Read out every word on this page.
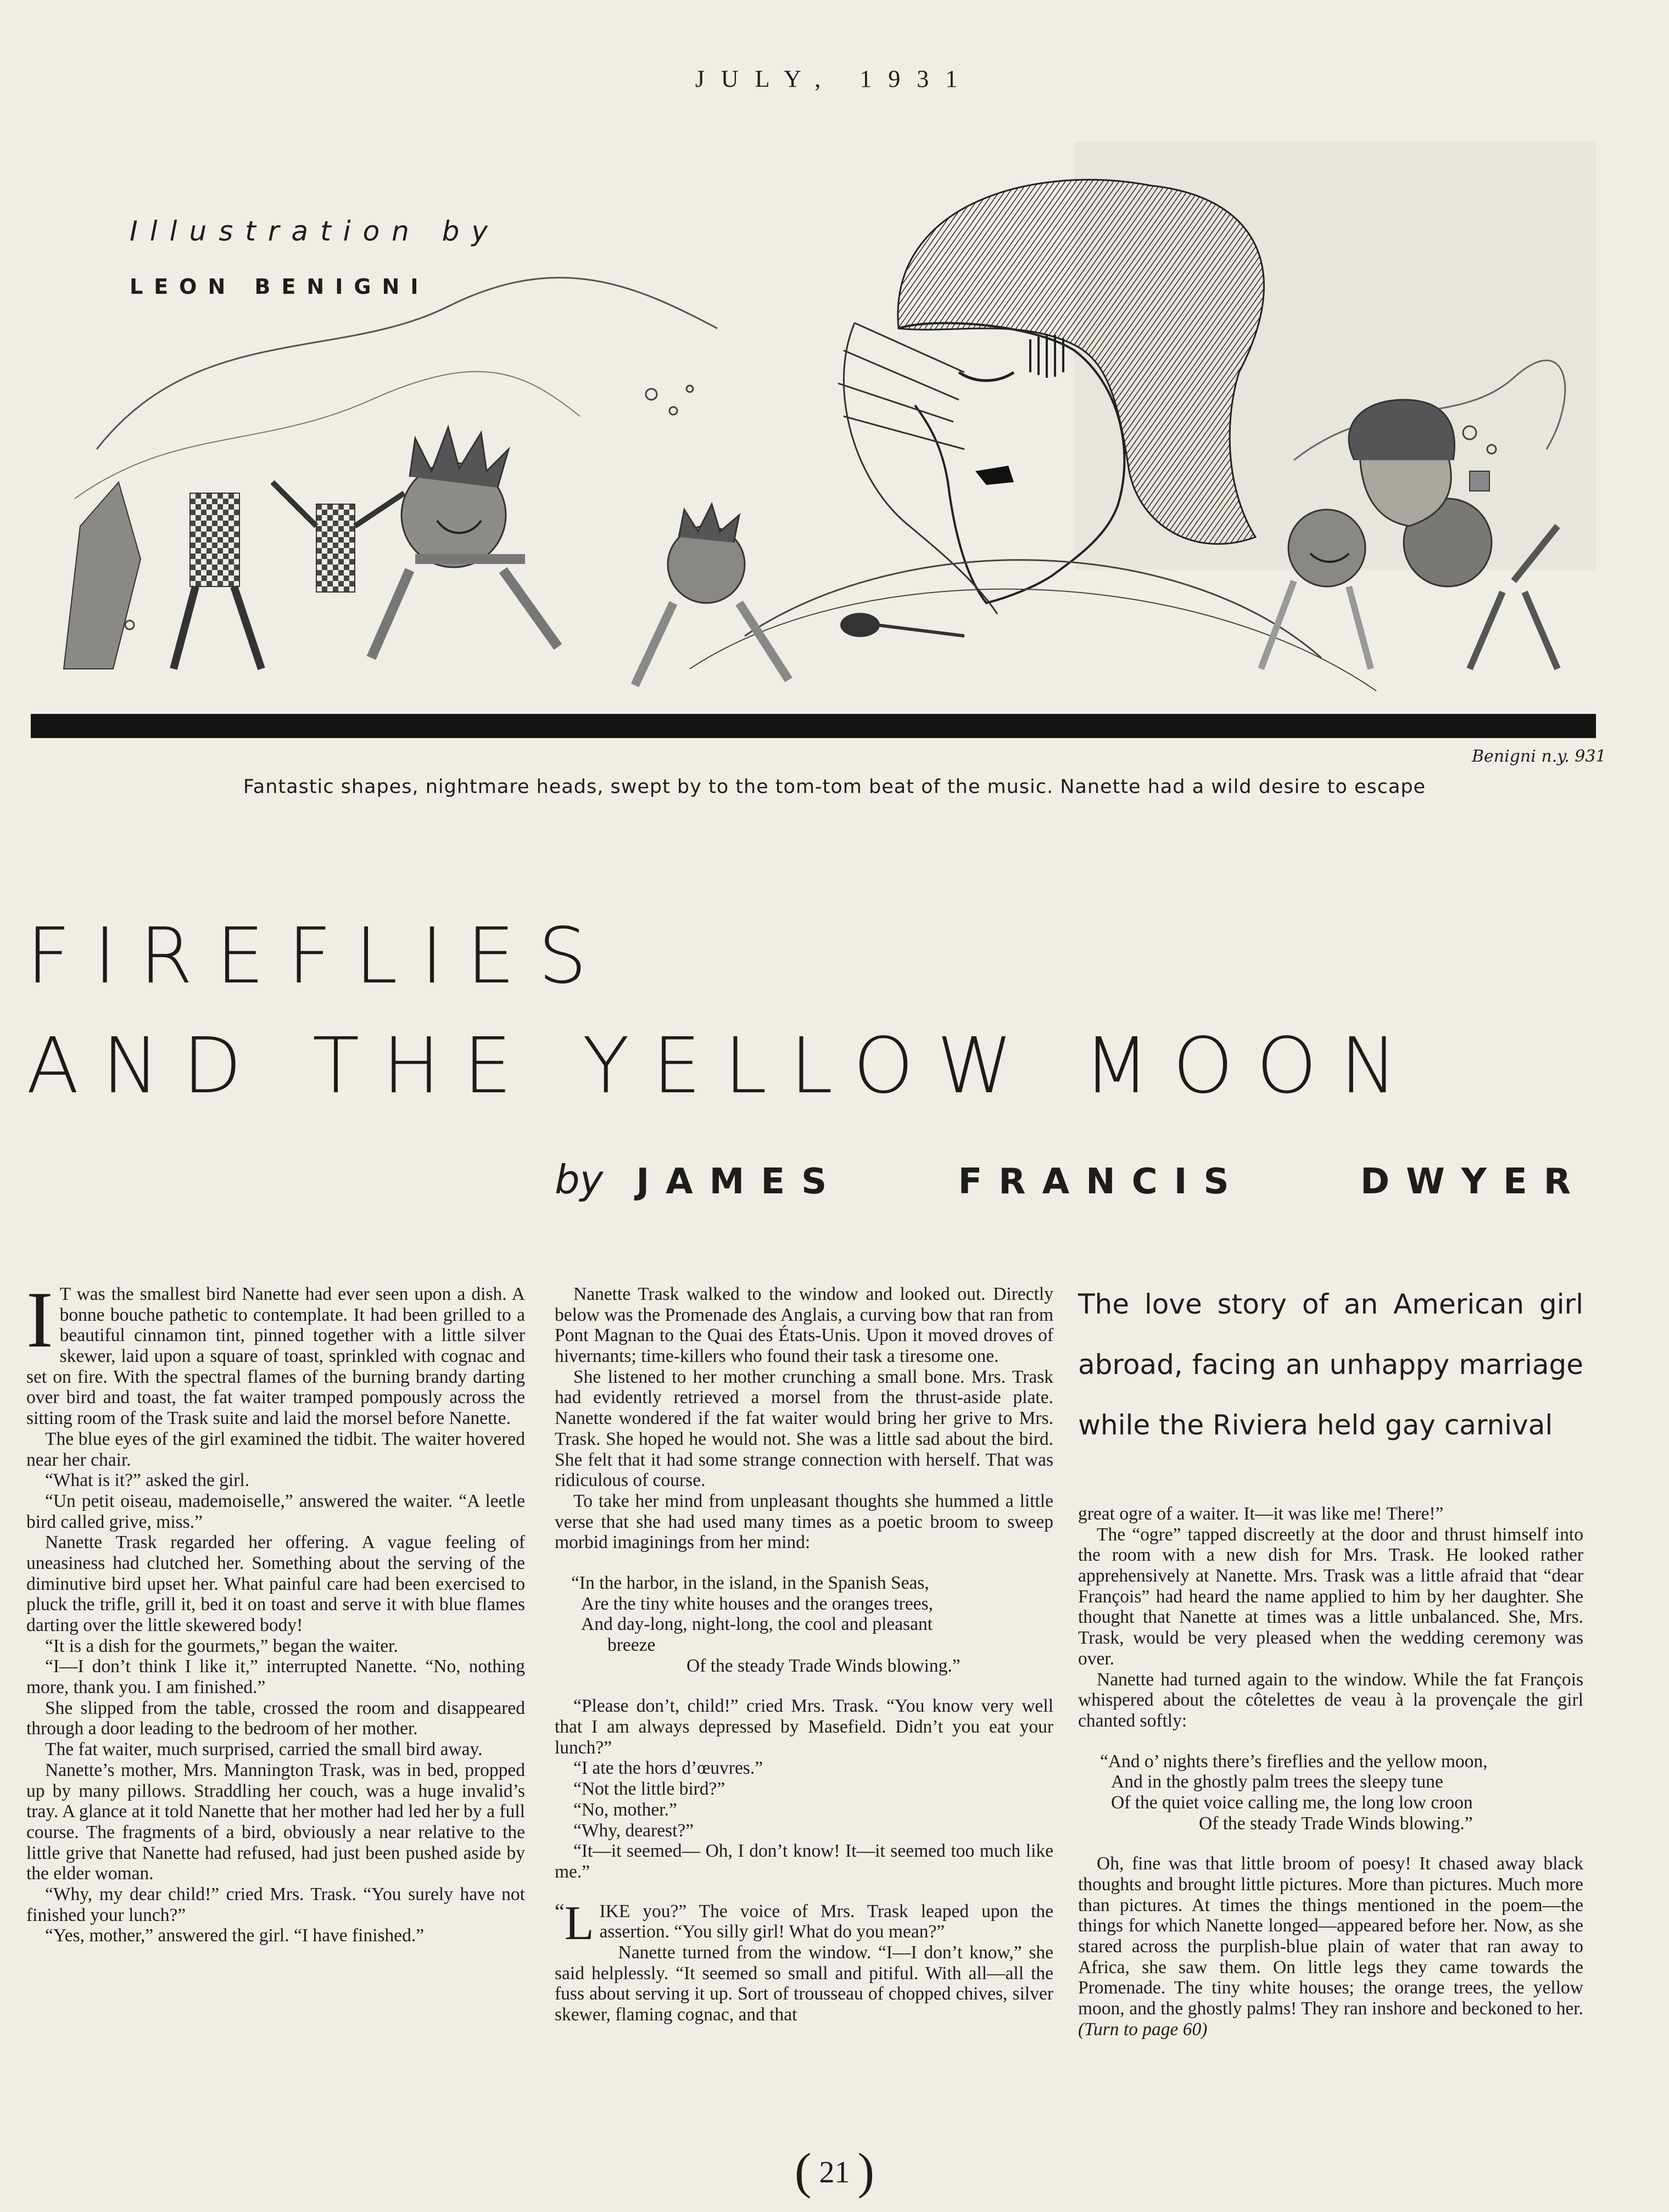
JULY, 1931
Benigni n.y. 931
Illustration by
LEON BENIGNI
Fantastic shapes, nightmare heads, swept by to the tom-tom beat of the music. Nanette had a wild desire to escape
FIREFLIES
AND THE YELLOW MOON
by JAMES	FRANCIS	DWYER

I T was the smallest bird Nanette had ever seen upon a dish. A bonne bouche pathetic to contemplate. It had been grilled to a beautiful cinnamon tint, pinned together with a little silver skewer, laid upon a square of toast, sprinkled with cognac and set on fire. With the spectral flames of the burning brandy darting over bird and toast, the fat waiter tramped pompously across the sitting room of the Trask suite and laid the morsel before Nanette.

The blue eyes of the girl examined the tidbit. The waiter hovered near her chair.

“What is it?” asked the girl.

“Un petit oiseau, mademoiselle,” answered the waiter. “A leetle bird called grive, miss.”

Nanette Trask regarded her offering. A vague feeling of uneasiness had clutched her. Something about the serving of the diminutive bird upset her. What painful care had been exercised to pluck the trifle, grill it, bed it on toast and serve it with blue flames darting over the little skewered body!

“It is a dish for the gourmets,” began the waiter.

“I—I don’t think I like it,” interrupted Nanette. “No, nothing more, thank you. I am finished.”

She slipped from the table, crossed the room and disappeared through a door leading to the bedroom of her mother.

The fat waiter, much surprised, carried the small bird away.

Nanette’s mother, Mrs. Mannington Trask, was in bed, propped up by many pillows. Straddling her couch, was a huge invalid’s tray. A glance at it told Nanette that her mother had led her by a full course. The fragments of a bird, obviously a near relative to the little grive that Nanette had refused, had just been pushed aside by the elder woman.

“Why, my dear child!” cried Mrs. Trask. “You surely have not finished your lunch?”

“Yes, mother,” answered the girl. “I have finished.”

Nanette Trask walked to the window and looked out. Directly below was the Promenade des Anglais, a curving bow that ran from Pont Magnan to the Quai des États-Unis. Upon it moved droves of hivernants; time-killers who found their task a tiresome one.

She listened to her mother crunching a small bone. Mrs. Trask had evidently retrieved a morsel from the thrust-aside plate. Nanette wondered if the fat waiter would bring her grive to Mrs. Trask. She hoped he would not. She was a little sad about the bird. She felt that it had some strange connection with herself. That was ridiculous of course.

To take her mind from unpleasant thoughts she hummed a little verse that she had used many times as a poetic broom to sweep morbid imaginings from her mind:

“In the harbor, in the island, in the Spanish Seas,

Are the tiny white houses and the oranges trees,

And day-long, night-long, the cool and pleasant

breeze

Of the steady Trade Winds blowing.”

“Please don’t, child!” cried Mrs. Trask. “You know very well that I am always depressed by Masefield. Didn’t you eat your lunch?”

“I ate the hors d’œuvres.”

“Not the little bird?”

“No, mother.”

“Why, dearest?”

“It—it seemed— Oh, I don’t know! It—it seemed too much like me.”

“ L IKE you?” The voice of Mrs. Trask leaped upon the assertion. “You silly girl! What do you mean?”

Nanette turned from the window. “I—I don’t know,” she said helplessly. “It seemed so small and pitiful. With all—all the fuss about serving it up. Sort of trousseau of chopped chives, silver skewer, flaming cognac, and that

The love story of an American girl abroad, facing an unhappy marriage while the Riviera held gay carnival

great ogre of a waiter. It—it was like me! There!”

The “ogre” tapped discreetly at the door and thrust himself into the room with a new dish for Mrs. Trask. He looked rather apprehensively at Nanette. Mrs. Trask was a little afraid that “dear François” had heard the name applied to him by her daughter. She thought that Nanette at times was a little unbalanced. She, Mrs. Trask, would be very pleased when the wedding ceremony was over.

Nanette had turned again to the window. While the fat François whispered about the côtelettes de veau à la provençale the girl chanted softly:

“And o’ nights there’s fireflies and the yellow moon,

And in the ghostly palm trees the sleepy tune

Of the quiet voice calling me, the long low croon

Of the steady Trade Winds blowing.”

Oh, fine was that little broom of poesy! It chased away black thoughts and brought little pictures. More than pictures. Much more than pictures. At times the things mentioned in the poem—the things for which Nanette longed—appeared before her. Now, as she stared across the purplish-blue plain of water that ran away to Africa, she saw them. On little legs they came towards the Promenade. The tiny white houses; the orange trees, the yellow moon, and the ghostly palms! They ran inshore and beckoned to her. (Turn to page 60)

( 21 )
